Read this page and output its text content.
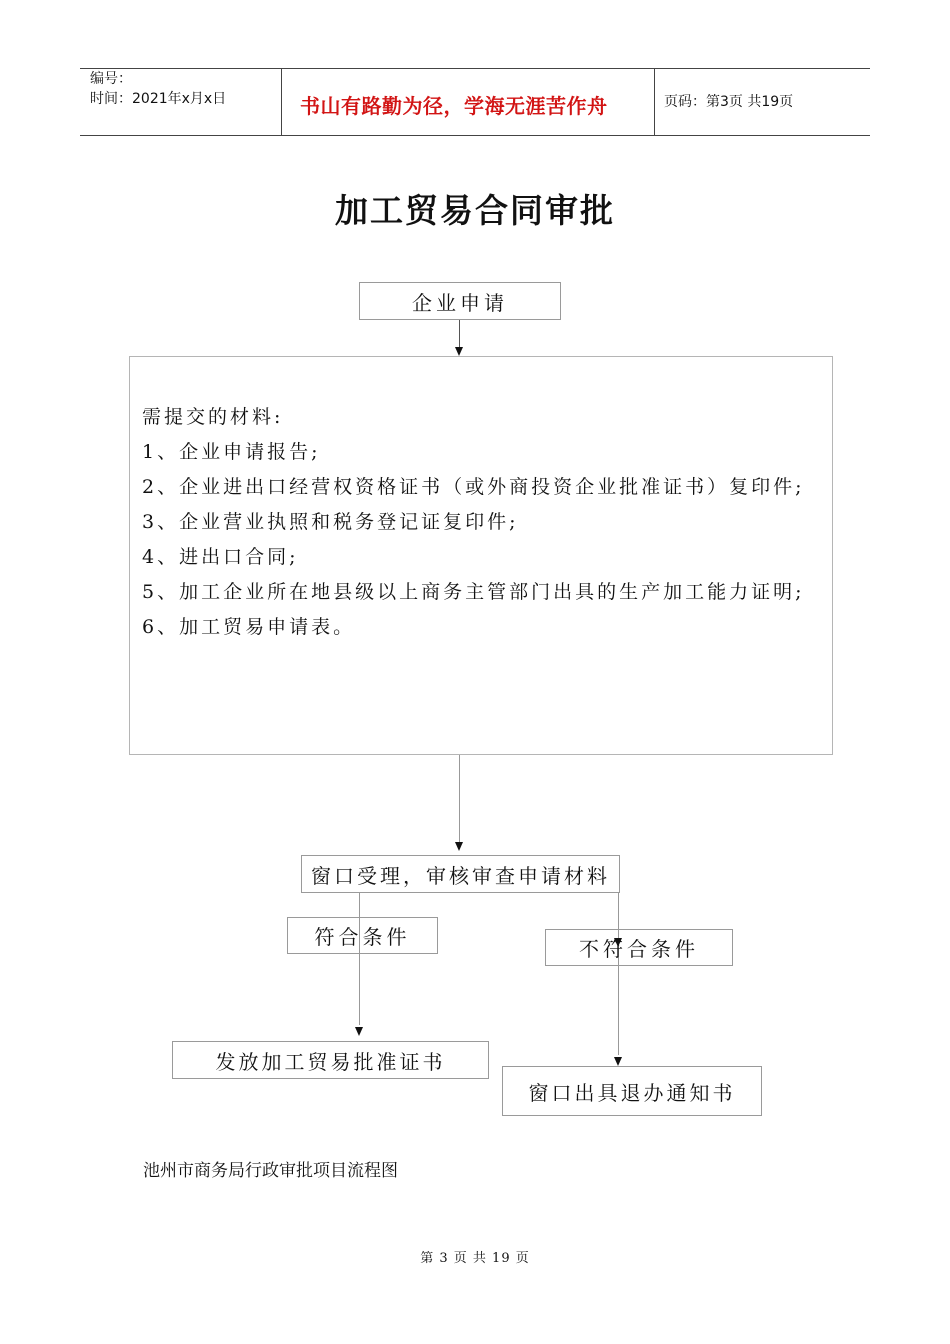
编号：
时间：2021年x月x日	书山有路勤为径，学海无涯苦作舟	页码：第3页 共19页
加工贸易合同审批
企业申请
需提交的材料:
1、企业申请报告;
2、企业进出口经营权资格证书（或外商投资企业批准证书）复印件;
3、企业营业执照和税务登记证复印件;
4、进出口合同;
5、加工企业所在地县级以上商务主管部门出具的生产加工能力证明;
6、加工贸易申请表。
窗口受理，审核审查申请材料
符合条件	不符合条件
发放加工贸易批准证书
窗口出具退办通知书
池州市商务局行政审批项目流程图
第 3 页 共 19 页
